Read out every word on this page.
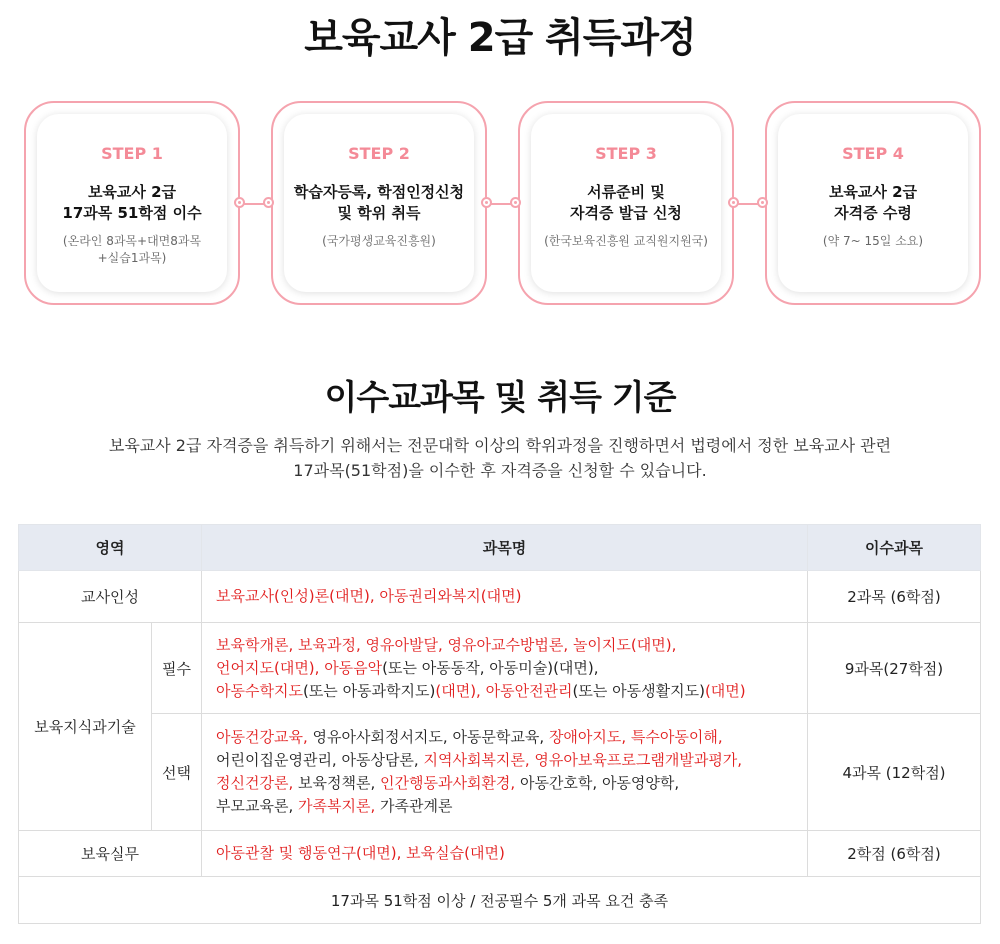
보육교사 2급 취득과정
STEP 1
보육교사 2급
17과목 51학점 이수
(온라인 8과목+대면8과목
+실습1과목)
STEP 2
학습자등록, 학점인정신청
및 학위 취득
(국가평생교육진흥원)
STEP 3
서류준비 및
자격증 발급 신청
(한국보육진흥원 교직원지원국)
STEP 4
보육교사 2급
자격증 수령
(약 7~ 15일 소요)
이수교과목 및 취득 기준
보육교사 2급 자격증을 취득하기 위해서는 전문대학 이상의 학위과정을 진행하면서 법령에서 정한 보육교사 관련
17과목(51학점)을 이수한 후 자격증을 신청할 수 있습니다.
영역		과목명	이수과목
교사인성		보육교사(인성)론(대면), 아동권리와복지(대면)	2과목 (6학점)
보육지식과기술	필수	보육학개론, 보육과정, 영유아발달, 영유아교수방법론, 놀이지도(대면),
언어지도(대면), 아동음악(또는 아동동작, 아동미술)(대면),
아동수학지도(또는 아동과학지도)(대면), 아동안전관리(또는 아동생활지도)(대면)	9과목(27학점)
	선택	아동건강교육, 영유아사회정서지도, 아동문학교육, 장애아지도, 특수아동이해,
어린이집운영관리, 아동상담론, 지역사회복지론, 영유아보육프로그램개발과평가,
정신건강론, 보육정책론, 인간행동과사회환경, 아동간호학, 아동영양학,
부모교육론, 가족복지론, 가족관계론	4과목 (12학점)
보육실무		아동관찰 및 행동연구(대면), 보육실습(대면)	2학점 (6학점)
17과목 51학점 이상 / 전공필수 5개 과목 요건 충족			
